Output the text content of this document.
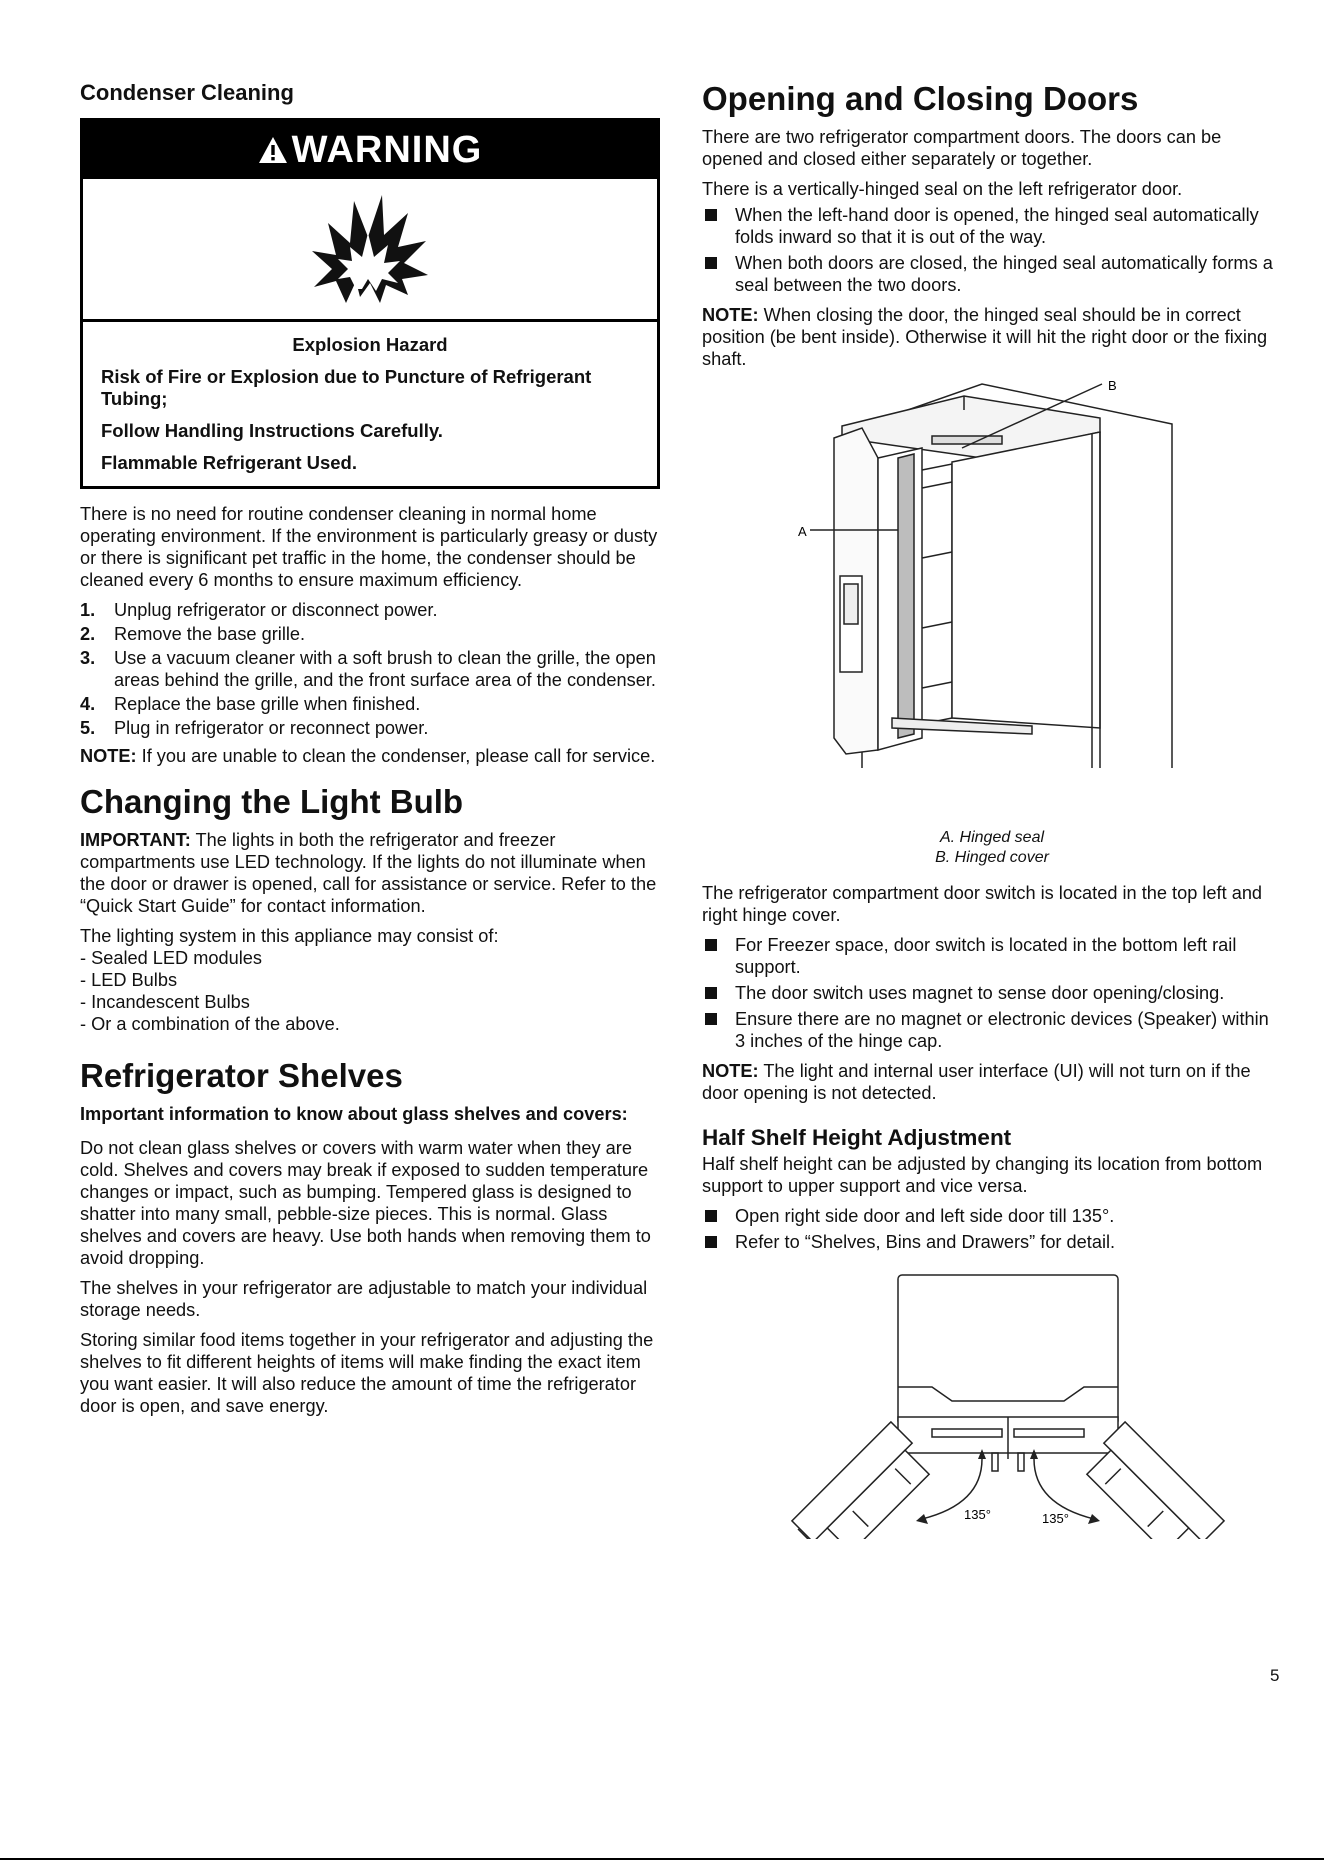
Condenser Cleaning
WARNING
Explosion Hazard

Risk of Fire or Explosion due to Puncture of Refrigerant Tubing;

Follow Handling Instructions Carefully.

Flammable Refrigerant Used.

There is no need for routine condenser cleaning in normal home operating environment. If the environment is particularly greasy or dusty or there is significant pet traffic in the home, the condenser should be cleaned every 6 months to ensure maximum efficiency.

1.	Unplug refrigerator or disconnect power.
2.	Remove the base grille.
3.	Use a vacuum cleaner with a soft brush to clean the grille, the open areas behind the grille, and the front surface area of the condenser.
4.	Replace the base grille when finished.
5.	Plug in refrigerator or reconnect power.

NOTE: If you are unable to clean the condenser, please call for service.

Changing the Light Bulb

IMPORTANT: The lights in both the refrigerator and freezer compartments use LED technology. If the lights do not illuminate when the door or drawer is opened, call for assistance or service. Refer to the “Quick Start Guide” for contact information.

The lighting system in this appliance may consist of:

- Sealed LED modules

- LED Bulbs

- Incandescent Bulbs

- Or a combination of the above.

Refrigerator Shelves

Important information to know about glass shelves and covers:

Do not clean glass shelves or covers with warm water when they are cold. Shelves and covers may break if exposed to sudden temperature changes or impact, such as bumping. Tempered glass is designed to shatter into many small, pebble-size pieces. This is normal. Glass shelves and covers are heavy. Use both hands when removing them to avoid dropping.

The shelves in your refrigerator are adjustable to match your individual storage needs.

Storing similar food items together in your refrigerator and adjusting the shelves to fit different heights of items will make finding the exact item you want easier. It will also reduce the amount of time the refrigerator door is open, and save energy.

Opening and Closing Doors

There are two refrigerator compartment doors. The doors can be opened and closed either separately or together.

There is a vertically-hinged seal on the left refrigerator door.

When the left-hand door is opened, the hinged seal automatically folds inward so that it is out of the way.
When both doors are closed, the hinged seal automatically forms a seal between the two doors.

NOTE: When closing the door, the hinged seal should be in correct position (be bent inside). Otherwise it will hit the right door or the fixing shaft.

A
B

A. Hinged seal
B. Hinged cover

The refrigerator compartment door switch is located in the top left and right hinge cover.

For Freezer space, door switch is located in the bottom left rail support.
The door switch uses magnet to sense door opening/closing.
Ensure there are no magnet or electronic devices (Speaker) within 3 inches of the hinge cap.

NOTE: The light and internal user interface (UI) will not turn on if the door opening is not detected.

Half Shelf Height Adjustment

Half shelf height can be adjusted by changing its location from bottom support to upper support and vice versa.

Open right side door and left side door till 135°.
Refer to “Shelves, Bins and Drawers” for detail.
135°	135°
5
